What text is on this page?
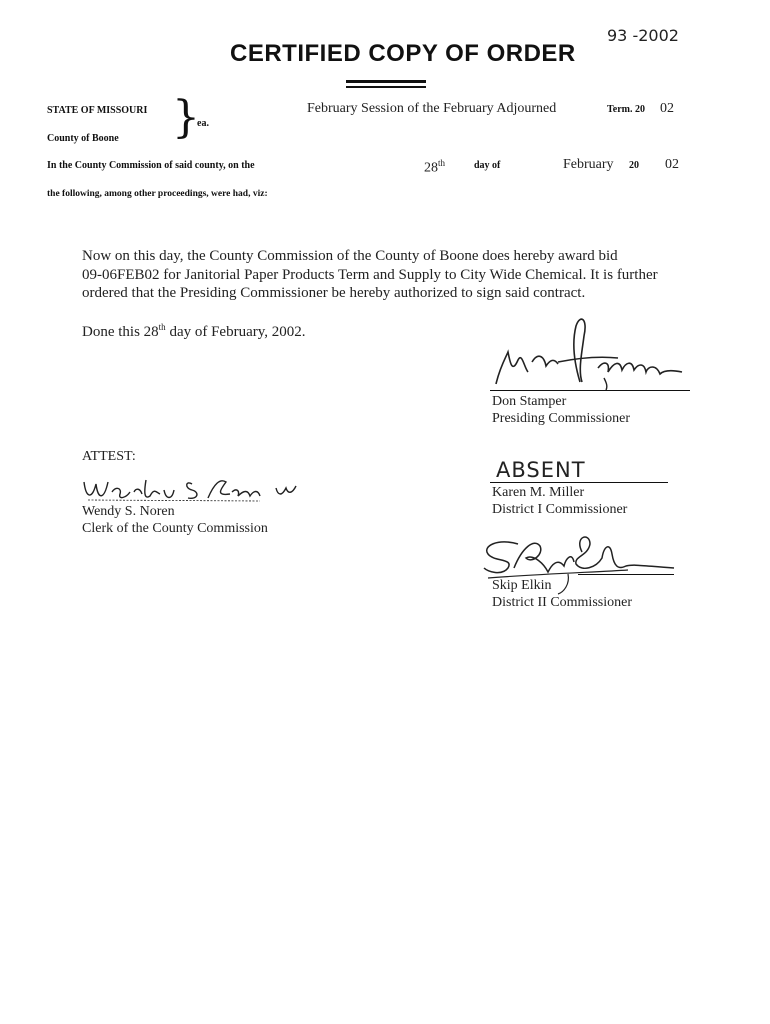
93 -2002
CERTIFIED COPY OF ORDER
STATE OF MISSOURI
County of Boone }
ea.
February Session of the February Adjourned	Term. 20 02
In the County Commission of said county, on the	28th	day of	February 20 02
the following, among other proceedings, were had, viz:
Now on this day, the County Commission of the County of Boone does hereby award bid
09-06FEB02 for Janitorial Paper Products Term and Supply to City Wide Chemical. It is further
ordered that the Presiding Commissioner be hereby authorized to sign said contract.
Done this 28th day of February, 2002.
Don Stamper
Presiding Commissioner
ATTEST:
Wendy S. Noren
Clerk of the County Commission
ABSENT
Karen M. Miller
District I Commissioner
Skip Elkin
District II Commissioner
